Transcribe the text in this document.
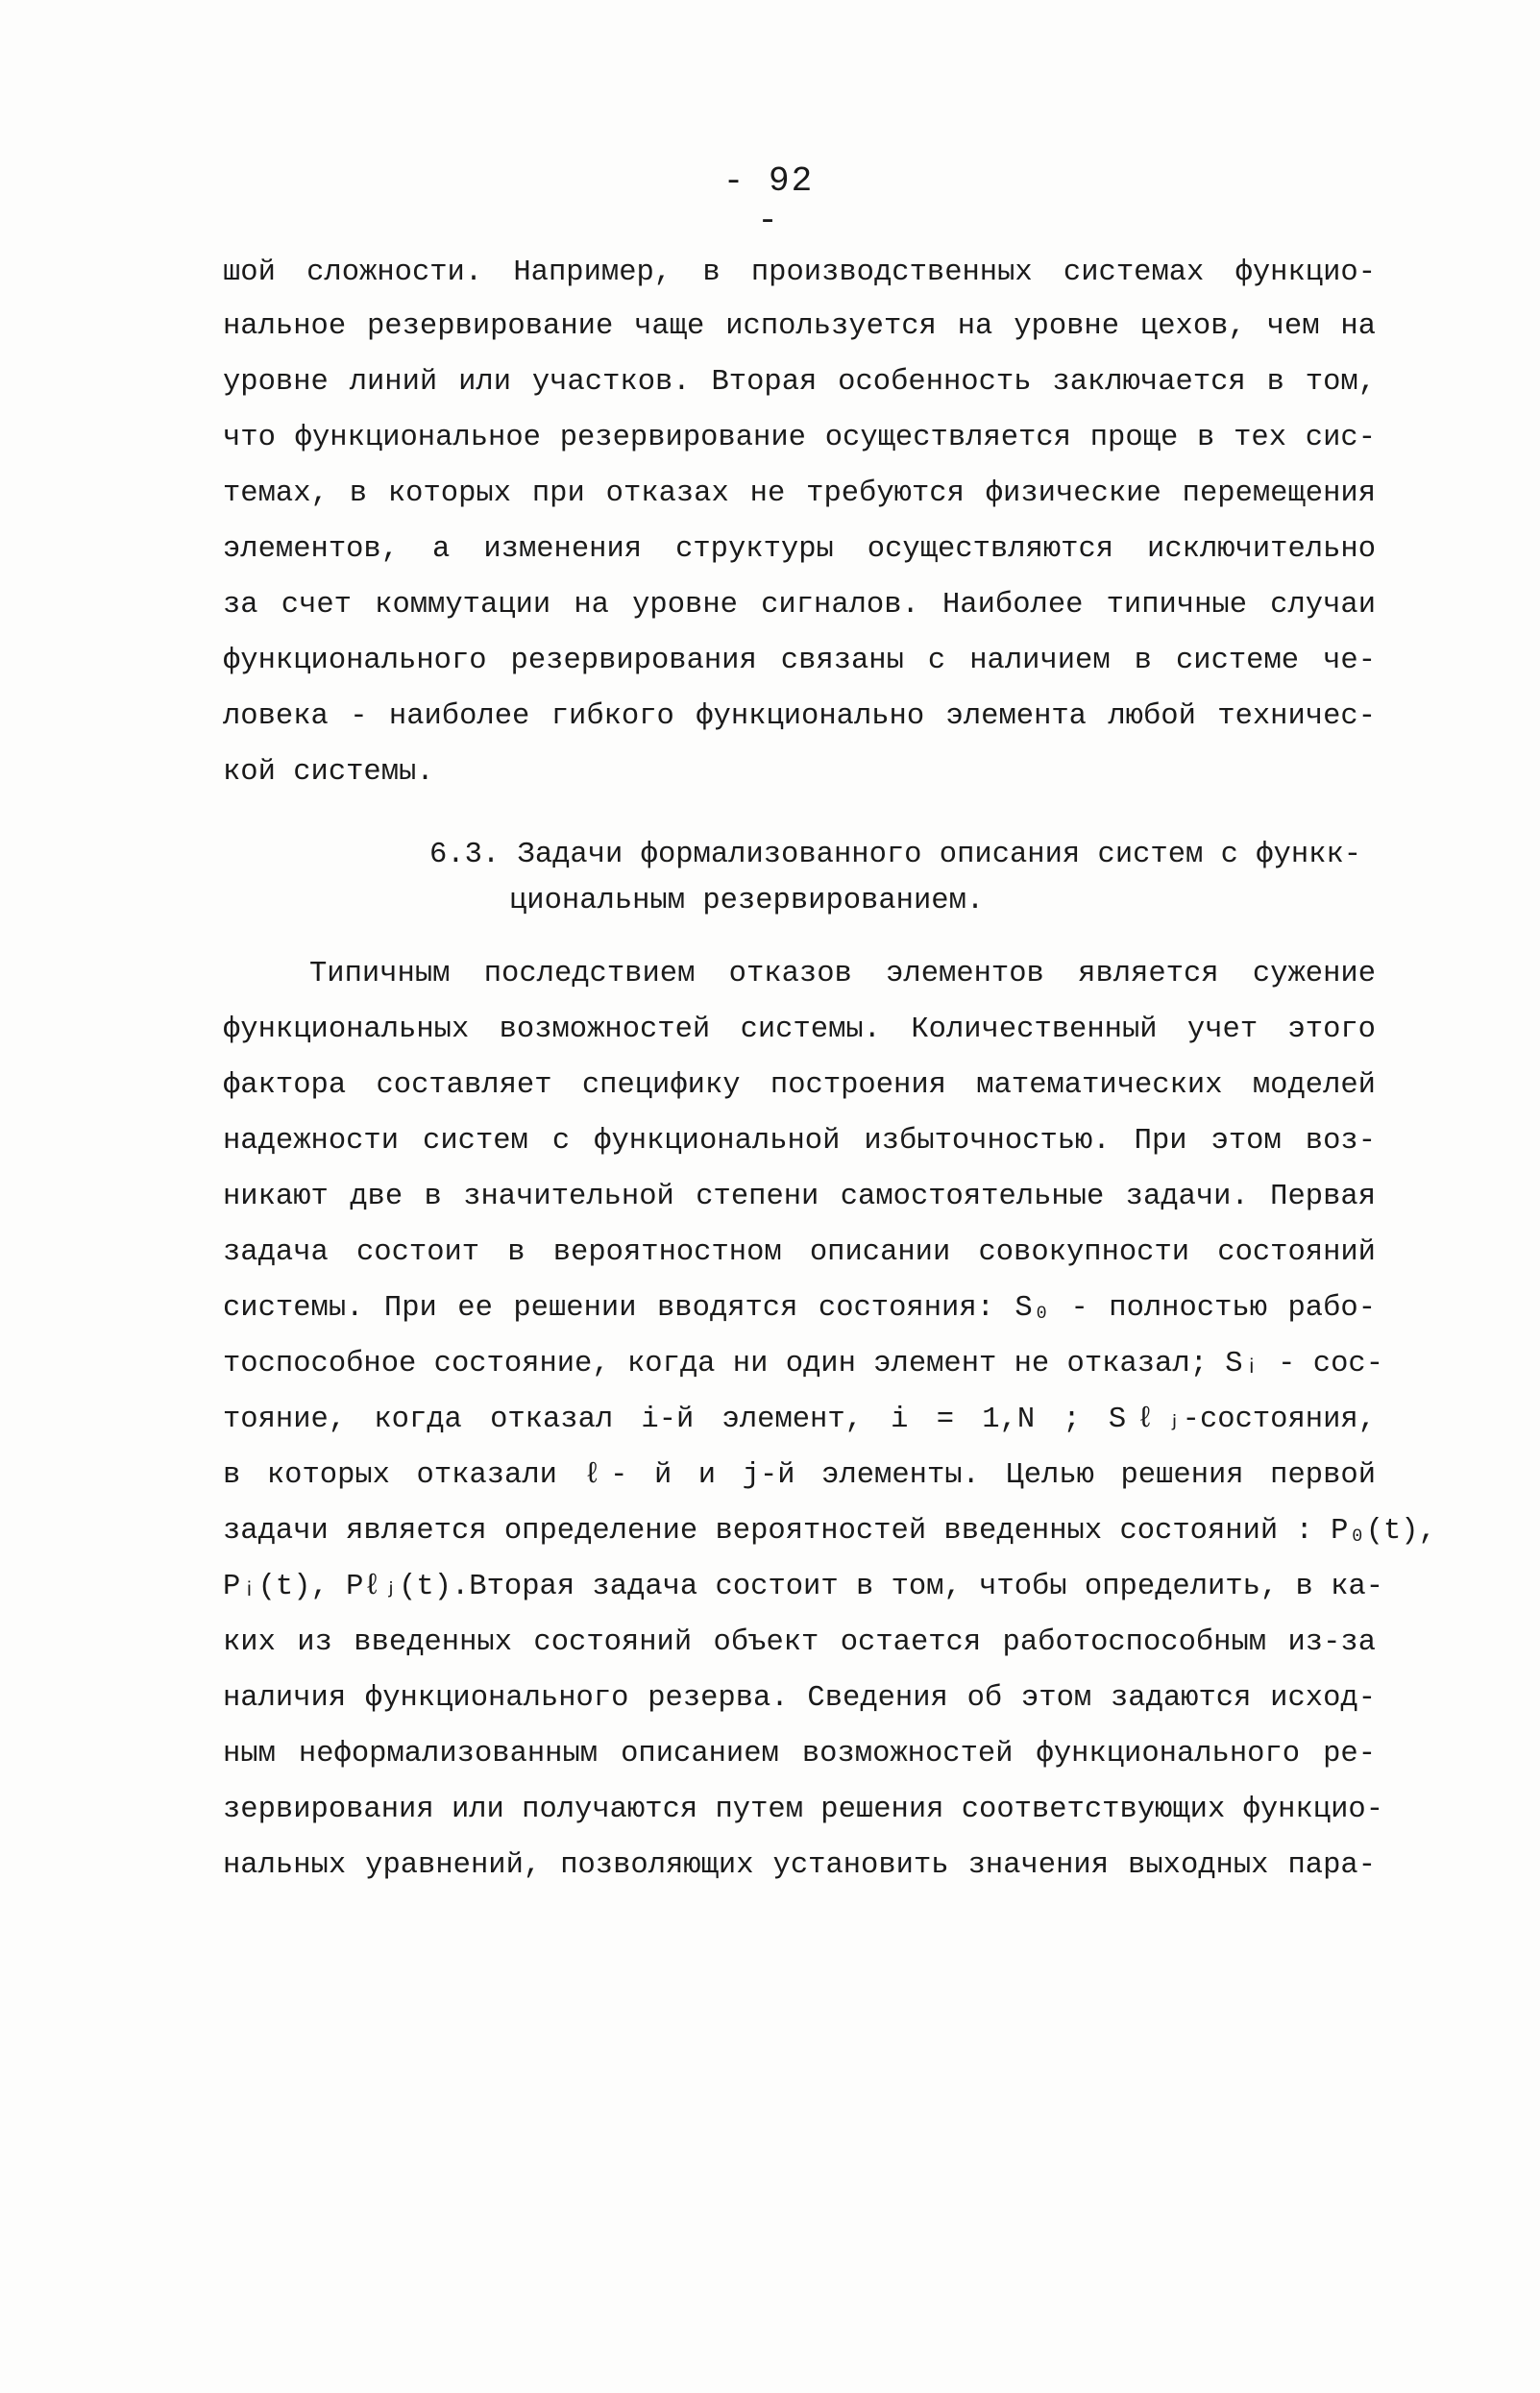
- 92 -
шой сложности. Например, в производственных системах функцио-
нальное резервирование чаще используется на уровне цехов, чем на
уровне линий или участков. Вторая особенность заключается в том,
что функциональное резервирование осуществляется проще в тех сис-
темах, в которых при отказах не требуются физические перемещения
элементов, а изменения структуры осуществляются исключительно
за счет коммутации на уровне сигналов. Наиболее типичные случаи
функционального резервирования связаны с наличием в системе че-
ловека - наиболее гибкого функционально элемента любой техничес-
кой системы.
6.3. Задачи формализованного описания систем с функк-
циональным резервированием.
Типичным последствием отказов элементов является сужение
функциональных возможностей системы. Количественный учет этого
фактора составляет специфику построения математических моделей
надежности систем с функциональной избыточностью. При этом воз-
никают две в значительной степени самостоятельные задачи. Первая
задача состоит в вероятностном описании совокупности состояний
системы. При ее решении вводятся состояния: S₀ - полностью рабо-
тоспособное состояние, когда ни один элемент не отказал; Sᵢ - сос-
тояние, когда отказал i-й элемент, i = 1,N ; Sℓⱼ-состояния,
в которых отказали ℓ- й и j-й элементы. Целью решения первой
задачи является определение вероятностей введенных состояний : P₀(t),
Pᵢ(t), Pℓⱼ(t).Вторая задача состоит в том, чтобы определить, в ка-
ких из введенных состояний объект остается работоспособным из-за
наличия функционального резерва. Сведения об этом задаются исход-
ным неформализованным описанием возможностей функционального ре-
зервирования или получаются путем решения соответствующих функцио-
нальных уравнений, позволяющих установить значения выходных пара-
